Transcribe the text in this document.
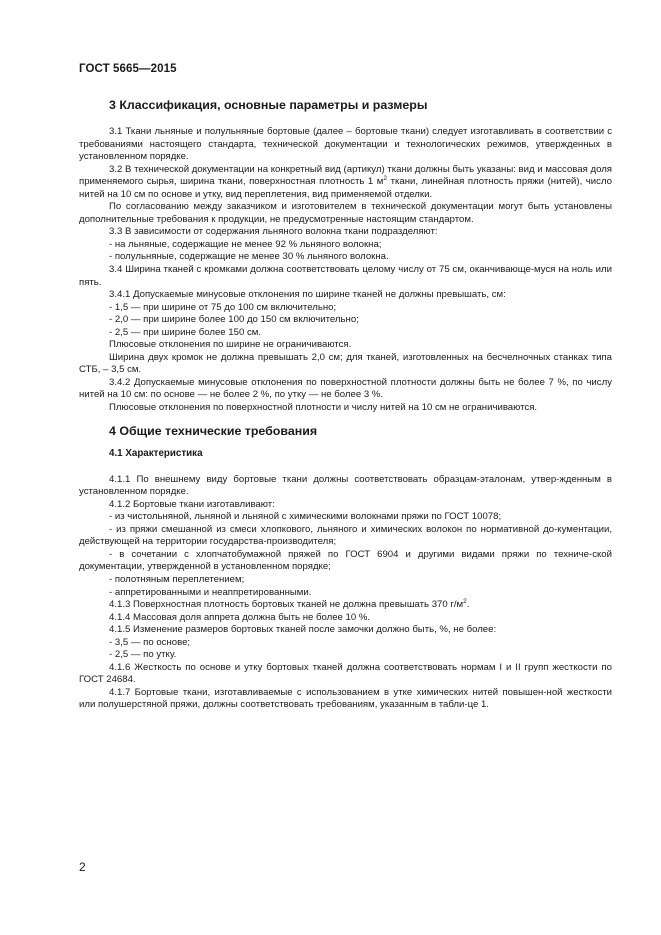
ГОСТ 5665—2015
3 Классификация, основные параметры и размеры

3.1 Ткани льняные и полульняные бортовые (далее – бортовые ткани) следует изготавливать в соответствии с требованиями настоящего стандарта, технической документации и технологических режимов, утвержденных в установленном порядке.

3.2 В технической документации на конкретный вид (артикул) ткани должны быть указаны: вид и массовая доля применяемого сырья, ширина ткани, поверхностная плотность 1 $м^2$ ткани, линейная плотность пряжи (нитей), число нитей на 10 см по основе и утку, вид переплетения, вид применяемой отделки.

По согласованию между заказчиком и изготовителем в технической документации могут быть установлены дополнительные требования к продукции, не предусмотренные настоящим стандартом.

3.3 В зависимости от содержания льняного волокна ткани подразделяют:

- на льняные, содержащие не менее 92 % льняного волокна;

- полульняные, содержащие не менее 30 % льняного волокна.

3.4 Ширина тканей с кромками должна соответствовать целому числу от 75 см, оканчивающе-муся на ноль или пять.

3.4.1 Допускаемые минусовые отклонения по ширине тканей не должны превышать, см:

- 1,5 — при ширине от 75 до 100 см включительно;

- 2,0 — при ширине более 100 до 150 см включительно;

- 2,5 — при ширине более 150 см.

Плюсовые отклонения по ширине не ограничиваются.

Ширина двух кромок не должна превышать 2,0 см; для тканей, изготовленных на бесчелночных станках типа СТБ, – 3,5 см.

3.4.2 Допускаемые минусовые отклонения по поверхностной плотности должны быть не более 7 %, по числу нитей на 10 см: по основе — не более 2 %, по утку — не более 3 %.

Плюсовые отклонения по поверхностной плотности и числу нитей на 10 см не ограничиваются.

4 Общие технические требования
4.1 Характеристика

4.1.1 По внешнему виду бортовые ткани должны соответствовать образцам-эталонам, утвер-жденным в установленном порядке.

4.1.2 Бортовые ткани изготавливают:

- из чистольняной, льняной и льняной с химическими волокнами пряжи по ГОСТ 10078;

- из пряжи смешанной из смеси хлопкового, льняного и химических волокон по нормативной до-кументации, действующей на территории государства-производителя;

- в сочетании с хлопчатобумажной пряжей по ГОСТ 6904 и другими видами пряжи по техниче-ской документации, утвержденной в установленном порядке;

- полотняным переплетением;

- аппретированными и неаппретированными.

4.1.3 Поверхностная плотность бортовых тканей не должна превышать 370 $г/м^2$.

4.1.4 Массовая доля аппрета должна быть не более 10 %.

4.1.5 Изменение размеров бортовых тканей после замочки должно быть, %, не более:

- 3,5 — по основе;

- 2,5 — по утку.

4.1.6 Жесткость по основе и утку бортовых тканей должна соответствовать нормам I и II групп жесткости по ГОСТ 24684.

4.1.7 Бортовые ткани, изготавливаемые с использованием в утке химических нитей повышен-ной жесткости или полушерстяной пряжи, должны соответствовать требованиям, указанным в табли-це 1.

2
